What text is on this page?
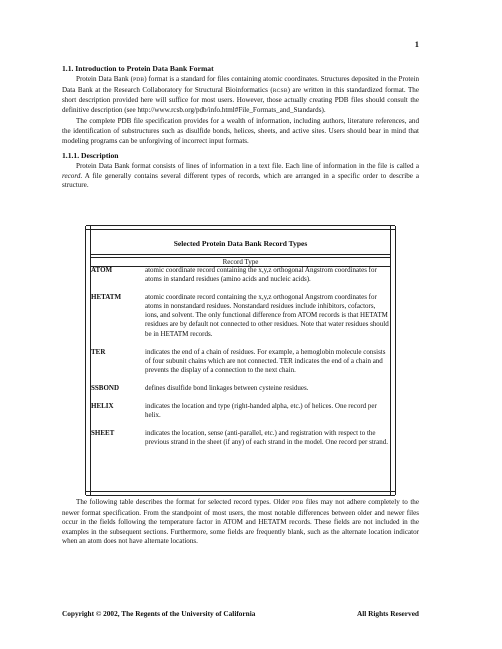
1
1.1. Introduction to Protein Data Bank Format

Protein Data Bank (PDB) format is a standard for files containing atomic coordinates. Structures deposited in the Protein Data Bank at the Research Collaboratory for Structural Bioinformatics (RCSB) are written in this standardized format. The short description provided here will suffice for most users. However, those actually creating PDB files should consult the definitive description (see http://www.rcsb.org/pdb/info.html#File_Formats_and_Standards).

The complete PDB file specification provides for a wealth of information, including authors, literature references, and the identification of substructures such as disulfide bonds, helices, sheets, and active sites. Users should bear in mind that modeling programs can be unforgiving of incorrect input formats.

1.1.1. Description

Protein Data Bank format consists of lines of information in a text file. Each line of information in the file is called a record. A file generally contains several different types of records, which are arranged in a specific order to describe a structure.

Selected Protein Data Bank Record Types
Record Type
ATOM	atomic coordinate record containing the x,y,z orthogonal Angstrom coordinates for atoms in standard residues (amino acids and nucleic acids).
HETATM	atomic coordinate record containing the x,y,z orthogonal Angstrom coordinates for atoms in nonstandard residues. Nonstandard residues include inhibitors, cofactors, ions, and solvent. The only functional difference from ATOM records is that HETATM residues are by default not connected to other residues. Note that water residues should be in HETATM records.
TER	indicates the end of a chain of residues. For example, a hemoglobin molecule consists of four subunit chains which are not connected. TER indicates the end of a chain and prevents the display of a connection to the next chain.
SSBOND	defines disulfide bond linkages between cysteine residues.
HELIX	indicates the location and type (right-handed alpha, etc.) of helices. One record per helix.
SHEET	indicates the location, sense (anti-parallel, etc.) and registration with respect to the previous strand in the sheet (if any) of each strand in the model. One record per strand.

The following table describes the format for selected record types. Older PDB files may not adhere completely to the newer format specification. From the standpoint of most users, the most notable differences between older and newer files occur in the fields following the temperature factor in ATOM and HETATM records. These fields are not included in the examples in the subsequent sections. Furthermore, some fields are frequently blank, such as the alternate location indicator when an atom does not have alternate locations.

Copyright © 2002, The Regents of the University of California	All Rights Reserved
